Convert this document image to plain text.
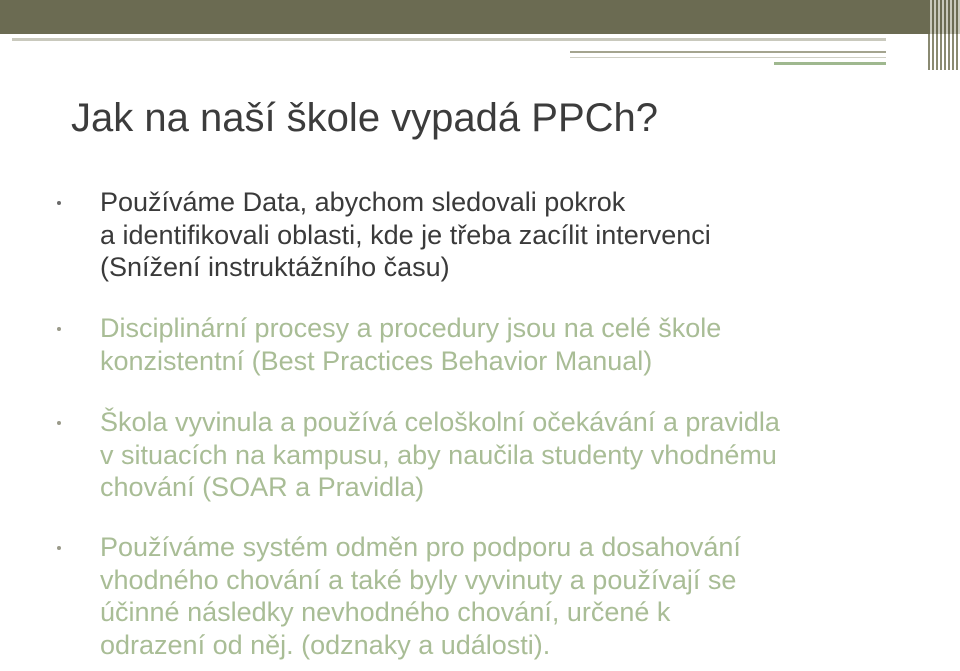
Jak na naší škole vypadá PPCh?
Používáme Data, abychom sledovali pokrok
a identifikovali oblasti, kde je třeba zacílit intervenci
(Snížení instruktážního času)
Disciplinární procesy a procedury jsou na celé škole
konzistentní (Best Practices Behavior Manual)
Škola vyvinula a používá celoškolní očekávání a pravidla
v situacích na kampusu, aby naučila studenty vhodnému
chování (SOAR a Pravidla)
Používáme systém odměn pro podporu a dosahování
vhodného chování a také byly vyvinuty a používají se
účinné následky nevhodného chování, určené k
odrazení od něj. (odznaky a události).
